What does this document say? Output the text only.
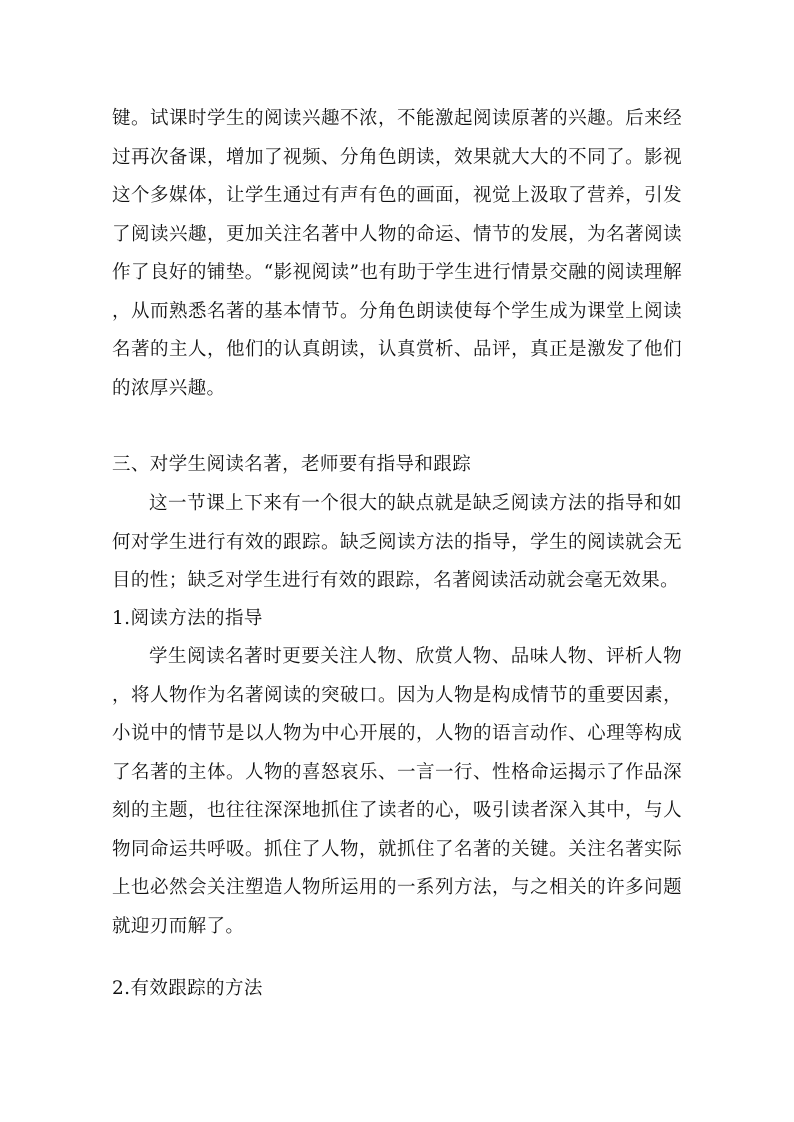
键。试课时学生的阅读兴趣不浓，不能激起阅读原著的兴趣。后来经过再次备课，增加了视频、分角色朗读，效果就大大的不同了。影视这个多媒体，让学生通过有声有色的画面，视觉上汲取了营养，引发了阅读兴趣，更加关注名著中人物的命运、情节的发展，为名著阅读作了良好的铺垫。“影视阅读”也有助于学生进行情景交融的阅读理解，从而熟悉名著的基本情节。分角色朗读使每个学生成为课堂上阅读名著的主人，他们的认真朗读，认真赏析、品评，真正是激发了他们的浓厚兴趣。

三、对学生阅读名著，老师要有指导和跟踪

这一节课上下来有一个很大的缺点就是缺乏阅读方法的指导和如何对学生进行有效的跟踪。缺乏阅读方法的指导，学生的阅读就会无目的性；缺乏对学生进行有效的跟踪，名著阅读活动就会毫无效果。

1.阅读方法的指导

学生阅读名著时更要关注人物、欣赏人物、品味人物、评析人物，将人物作为名著阅读的突破口。因为人物是构成情节的重要因素，小说中的情节是以人物为中心开展的，人物的语言动作、心理等构成了名著的主体。人物的喜怒哀乐、一言一行、性格命运揭示了作品深刻的主题，也往往深深地抓住了读者的心，吸引读者深入其中，与人物同命运共呼吸。抓住了人物，就抓住了名著的关键。关注名著实际上也必然会关注塑造人物所运用的一系列方法，与之相关的许多问题就迎刃而解了。

2.有效跟踪的方法
